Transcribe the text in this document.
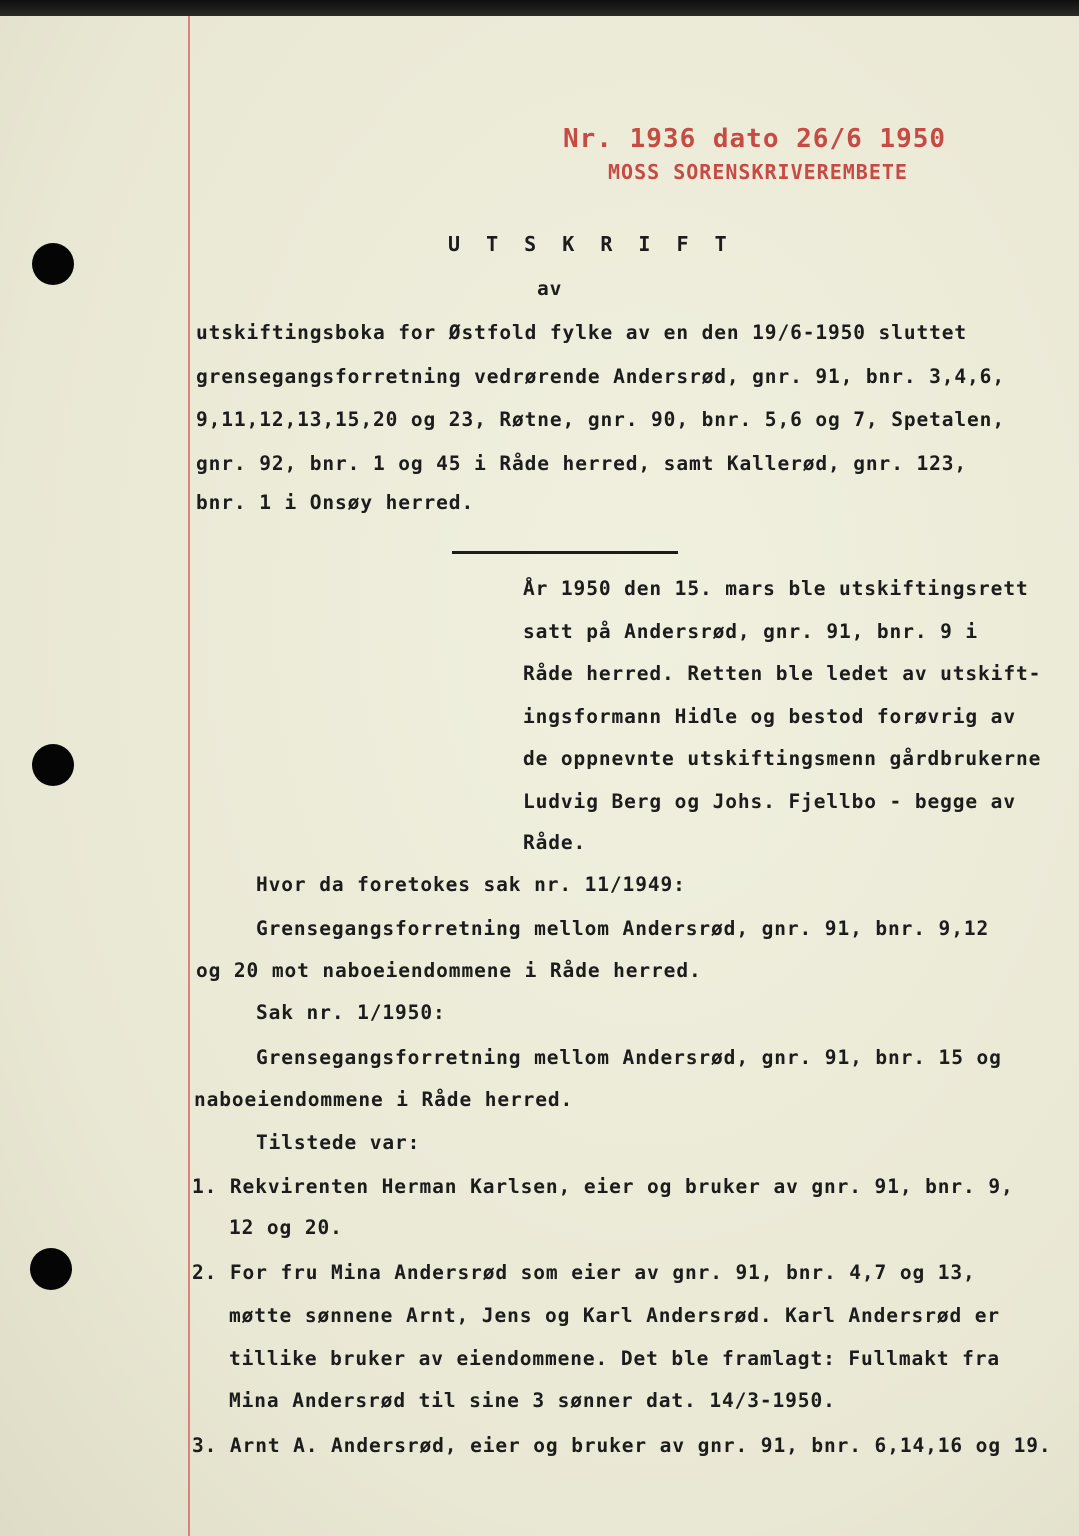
Nr. 1936 dato 26/6 1950
MOSS SORENSKRIVEREMBETE
U T S K R I F T
av
utskiftingsboka for Østfold fylke av en den 19/6-1950 sluttet
grensegangsforretning vedrørende Andersrød, gnr. 91, bnr. 3,4,6,
9,11,12,13,15,20 og 23, Røtne, gnr. 90, bnr. 5,6 og 7, Spetalen,
gnr. 92, bnr. 1 og 45 i Råde herred, samt Kallerød, gnr. 123,
bnr. 1 i Onsøy herred.
År 1950 den 15. mars ble utskiftingsrett
satt på Andersrød, gnr. 91, bnr. 9 i
Råde herred. Retten ble ledet av utskift-
ingsformann Hidle og bestod forøvrig av
de oppnevnte utskiftingsmenn gårdbrukerne
Ludvig Berg og Johs. Fjellbo - begge av
Råde.
Hvor da foretokes sak nr. 11/1949:
Grensegangsforretning mellom Andersrød, gnr. 91, bnr. 9,12
og 20 mot naboeiendommene i Råde herred.
Sak nr. 1/1950:
Grensegangsforretning mellom Andersrød, gnr. 91, bnr. 15 og
naboeiendommene i Råde herred.
Tilstede var:
1. Rekvirenten Herman Karlsen, eier og bruker av gnr. 91, bnr. 9,
12 og 20.
2. For fru Mina Andersrød som eier av gnr. 91, bnr. 4,7 og 13,
møtte sønnene Arnt, Jens og Karl Andersrød. Karl Andersrød er
tillike bruker av eiendommene. Det ble framlagt: Fullmakt fra
Mina Andersrød til sine 3 sønner dat. 14/3-1950.
3. Arnt A. Andersrød, eier og bruker av gnr. 91, bnr. 6,14,16 og 19.
